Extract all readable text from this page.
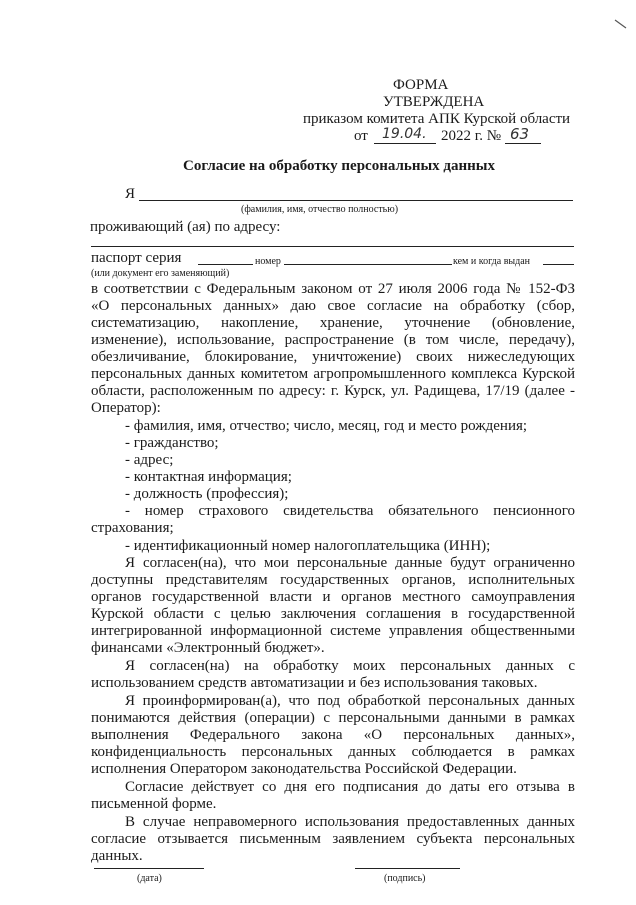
ФОРМА
УТВЕРЖДЕНА
приказом комитета АПК Курской области
от 19.04. 2022 г. № 63
Согласие на обработку персональных данных
Я
(фамилия, имя, отчество полностью)
проживающий (ая) по адресу:
паспорт серия	номер	кем и когда выдан
(или документ его заменяющий)
в соответствии с Федеральным законом от 27 июля 2006 года № 152-ФЗ
«О персональных данных» даю свое согласие на обработку (сбор,
систематизацию, накопление, хранение, уточнение (обновление,
изменение), использование, распространение (в том числе, передачу),
обезличивание, блокирование, уничтожение) своих нижеследующих
персональных данных комитетом агропромышленного комплекса Курской
области, расположенным по адресу: г. Курск, ул. Радищева, 17/19 (далее -
Оператор):
- фамилия, имя, отчество; число, месяц, год и место рождения;
- гражданство;
- адрес;
- контактная информация;
- должность (профессия);
- номер страхового свидетельства обязательного пенсионного
страхования;
- идентификационный номер налогоплательщика (ИНН);
Я согласен(на), что мои персональные данные будут ограниченно
доступны представителям государственных органов, исполнительных
органов государственной власти и органов местного самоуправления
Курской области с целью заключения соглашения в государственной
интегрированной информационной системе управления общественными
финансами «Электронный бюджет».
Я согласен(на) на обработку моих персональных данных с
использованием средств автоматизации и без использования таковых.
Я проинформирован(а), что под обработкой персональных данных
понимаются действия (операции) с персональными данными в рамках
выполнения Федерального закона «О персональных данных»,
конфиденциальность персональных данных соблюдается в рамках
исполнения Оператором законодательства Российской Федерации.
Согласие действует со дня его подписания до даты его отзыва в
письменной форме.
В случае неправомерного использования предоставленных данных
согласие отзывается письменным заявлением субъекта персональных
данных.
(дата)	(подпись)
